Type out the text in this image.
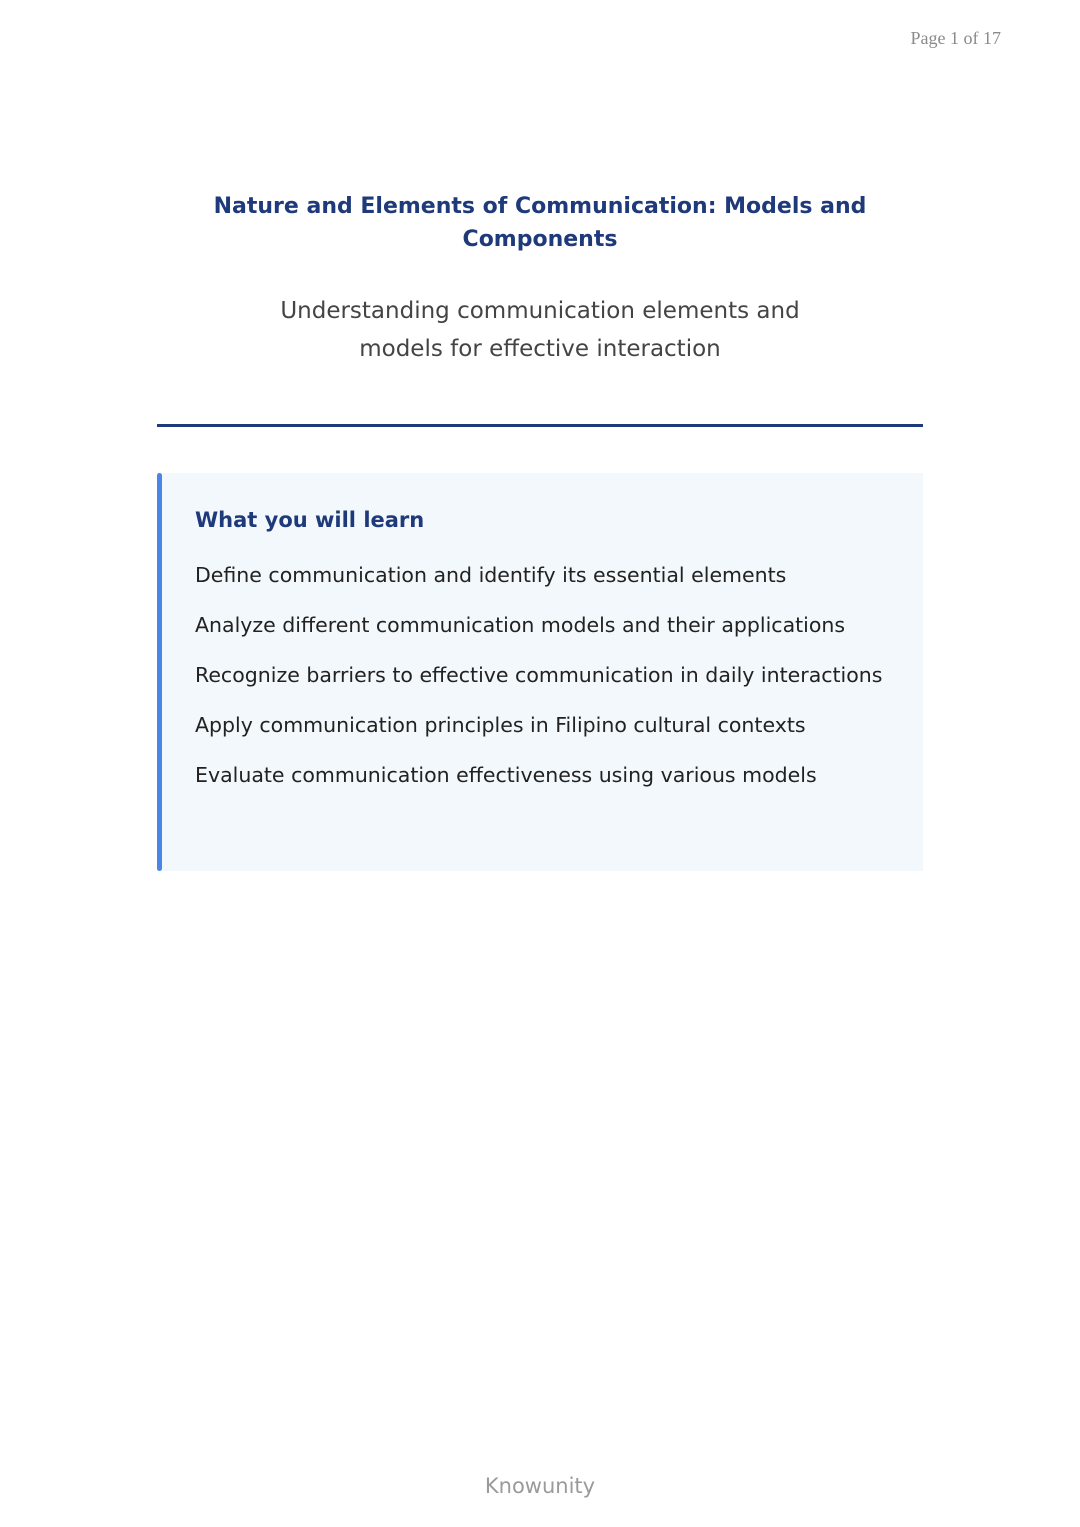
Page 1 of 17
Nature and Elements of Communication: Models and Components

Understanding communication elements and models for effective interaction

What you will learn
Define communication and identify its essential elements
Analyze different communication models and their applications
Recognize barriers to effective communication in daily interactions
Apply communication principles in Filipino cultural contexts
Evaluate communication effectiveness using various models
Knowunity
